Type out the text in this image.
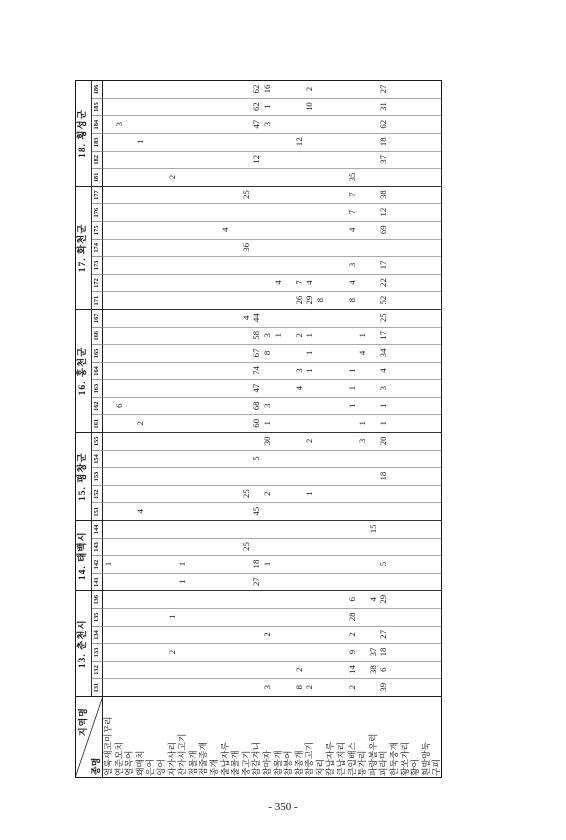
지역명
종명
13. 춘천시
131
132
133
134
135
136
14. 태백시
141
142
143
144
15. 평창군
151
152
153
154
155
16. 홍천군
161
162
163
164
165
166
167
17. 화천군
171
172
173
174
175
176
177
18. 횡성군
181
182
183
184
185
186
얼룩새코미꾸리
1
연준모치
6
3
열목어 왜매치
4
2
1
은어 잉어 자가사리
2
1
2
잔가시고기
1
1
점몰개 점줄종개 종개 줄납자루
4
줄몰개 중고기
25
25
4
36
25
참갈겨니
27
18
45
5
60
68
47
74
67
58
44
12
47
62
62
참마자
3
2
1
2
30
1
3
8
3
3
1
16
참몰개
1
4
참붕어 참종개
8
2
4
3
2
26
7
12
참중고기
2
1
2
1
1
1
29
4
10
2
치리
8
칼납자루 큰납지리 큰입배스
2
14
9
2
28
6
1
1
1
8
4
3
4
7
7
35
퉁가리
3
1
4
1
파랑볼우럭
38
37
4
15
피라미
39
6
18
27
29
5
18
20
1
1
3
4
34
17
25
52
22
17
69
12
38
37
18
62
31
27
한둑중개 황쏘가리 황어 흰발망둑 구피
- 350 -
